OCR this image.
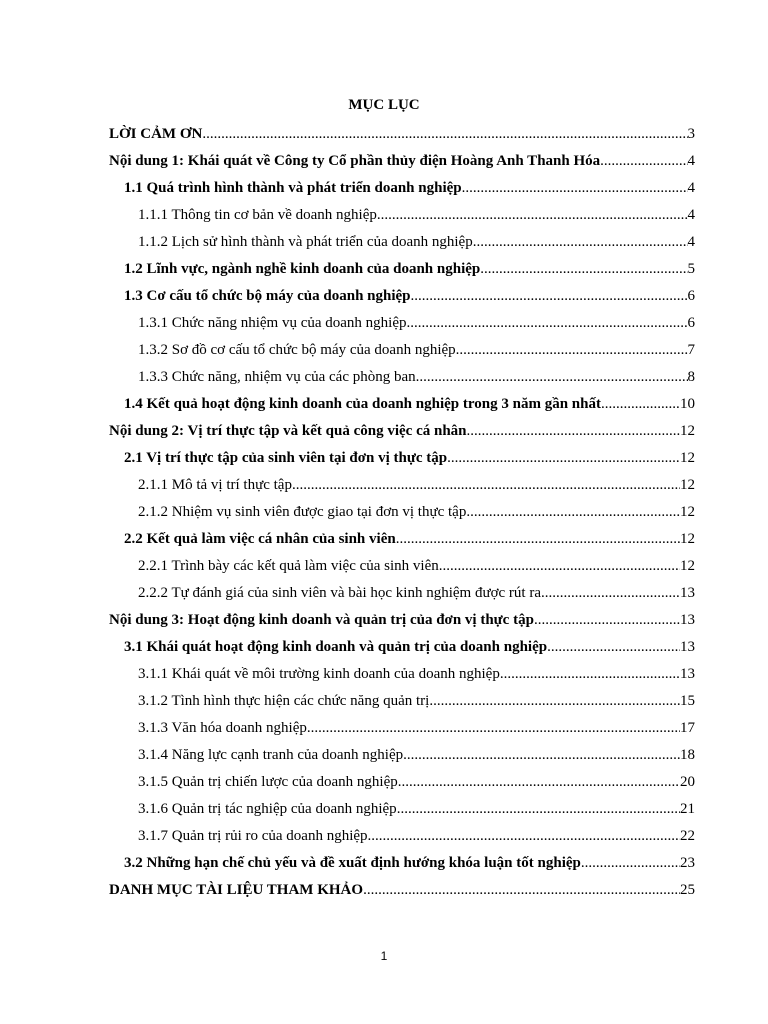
MỤC LỤC
LỜI CẢM ƠN .....	3
Nội dung 1: Khái quát về Công ty Cổ phần thủy điện Hoàng Anh Thanh Hóa .....	4
1.1 Quá trình hình thành và phát triển doanh nghiệp .....	4
1.1.1 Thông tin cơ bản về doanh nghiệp .....	4
1.1.2 Lịch sử hình thành và phát triển của doanh nghiệp .....	4
1.2 Lĩnh vực, ngành nghề kinh doanh của doanh nghiệp .....	5
1.3 Cơ cấu tổ chức bộ máy của doanh nghiệp .....	6
1.3.1 Chức năng nhiệm vụ của doanh nghiệp .....	6
1.3.2 Sơ đồ cơ cấu tổ chức bộ máy của doanh nghiệp .....	7
1.3.3 Chức năng, nhiệm vụ của các phòng ban .....	8
1.4 Kết quả hoạt động kinh doanh của doanh nghiệp trong 3 năm gần nhất .....	10
Nội dung 2: Vị trí thực tập và kết quả công việc cá nhân .....	12
2.1 Vị trí thực tập của sinh viên tại đơn vị thực tập .....	12
2.1.1 Mô tả vị trí thực tập .....	12
2.1.2 Nhiệm vụ sinh viên được giao tại đơn vị thực tập .....	12
2.2 Kết quả làm việc cá nhân của sinh viên .....	12
2.2.1 Trình bày các kết quả làm việc của sinh viên .....	12
2.2.2 Tự đánh giá của sinh viên và bài học kinh nghiệm được rút ra .....	13
Nội dung 3: Hoạt động kinh doanh và quản trị của đơn vị thực tập .....	13
3.1 Khái quát hoạt động kinh doanh và quản trị của doanh nghiệp .....	13
3.1.1 Khái quát về môi trường kinh doanh của doanh nghiệp .....	13
3.1.2 Tình hình thực hiện các chức năng quản trị .....	15
3.1.3 Văn hóa doanh nghiệp .....	17
3.1.4 Năng lực cạnh tranh của doanh nghiệp .....	18
3.1.5 Quản trị chiến lược của doanh nghiệp .....	20
3.1.6 Quản trị tác nghiệp của doanh nghiệp .....	21
3.1.7 Quản trị rủi ro của doanh nghiệp .....	22
3.2 Những hạn chế chủ yếu và đề xuất định hướng khóa luận tốt nghiệp .....	23
DANH MỤC TÀI LIỆU THAM KHẢO .....	25
1
